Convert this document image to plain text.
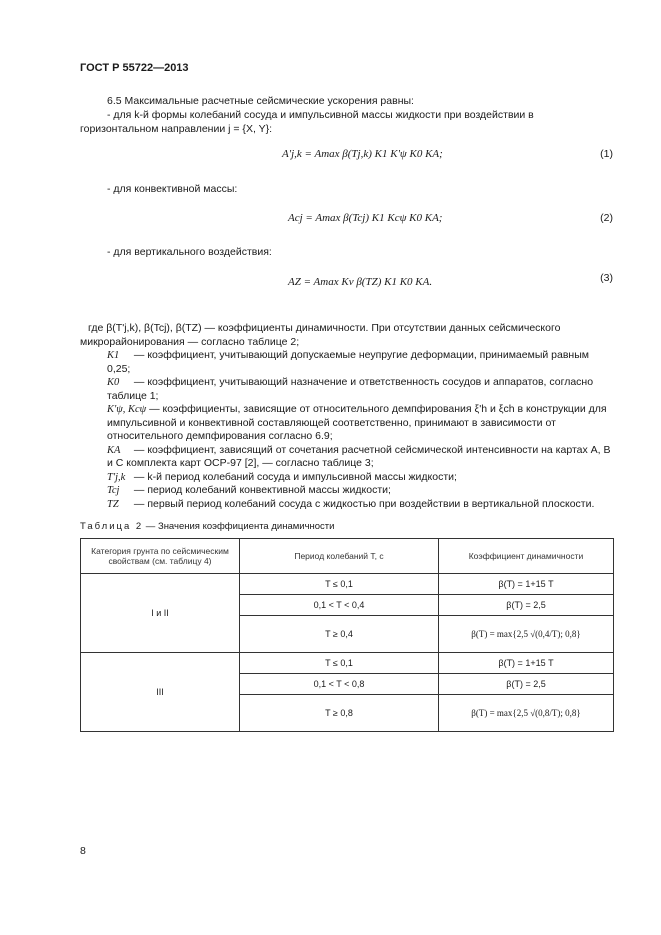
ГОСТ Р 55722—2013

6.5 Максимальные расчетные сейсмические ускорения равны:

- для k-й формы колебаний сосуда и импульсивной массы жидкости при воздействии в горизонтальном направлении j = {X, Y}:

A'j,k = Amax β(Tj,k) K1 K'ψ K0 KA;	(1)
- для конвективной массы:
Acj = Amax β(Tcj) K1 Kcψ K0 KA;	(2)
- для вертикального воздействия:
AZ = Amax Kv β(TZ) K1 K0 KA.	(3)
где β(T'j,k), β(Tcj), β(TZ) — коэффициенты динамичности. При отсутствии данных сейсмического микрорайонирования — согласно таблице 2;
K1 — коэффициент, учитывающий допускаемые неупругие деформации, принимаемый равным 0,25;
K0 — коэффициент, учитывающий назначение и ответственность сосудов и аппаратов, согласно таблице 1;
K'ψ, Kcψ — коэффициенты, зависящие от относительного демпфирования ξ'h и ξch в конструкции для импульсивной и конвективной составляющей соответственно, принимают в зависимости от относительного демпфирования согласно 6.9;
KA — коэффициент, зависящий от сочетания расчетной сейсмической интенсивности на картах А, В и С комплекта карт ОСР-97 [2], — согласно таблице 3;
T'j,k — k-й период колебаний сосуда и импульсивной массы жидкости;
Tcj — период колебаний конвективной массы жидкости;
TZ — первый период колебаний сосуда с жидкостью при воздействии в вертикальной плоскости.
Таблица 2 — Значения коэффициента динамичности
Категория грунта по сейсмическим свойствам (см. таблицу 4)	Период колебаний T, с	Коэффициент динамичности
I и II	T ≤ 0,1	β(T) = 1+15 T
	0,1 < T < 0,4	β(T) = 2,5
	T ≥ 0,4	β(T) = max{2,5 √(0,4/T); 0,8}
III	T ≤ 0,1	β(T) = 1+15 T
	0,1 < T < 0,8	β(T) = 2,5
	T ≥ 0,8	β(T) = max{2,5 √(0,8/T); 0,8}
8
